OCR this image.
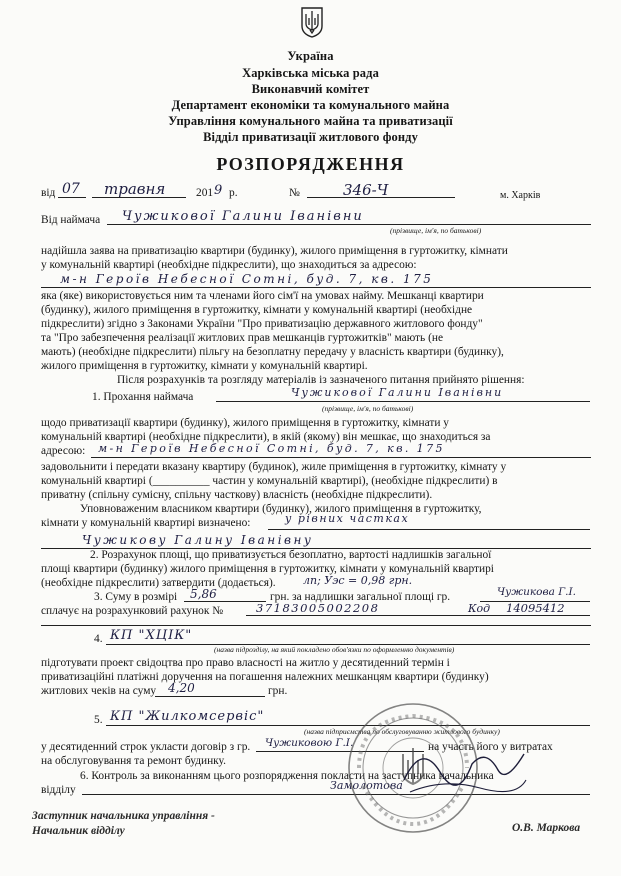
Україна
Харківська міська рада
Виконавчий комітет
Департамент економіки та комунального майна
Управління комунального майна та приватизації
Відділ приватизації житлового фонду
РОЗПОРЯДЖЕННЯ
від 07 травня	201 9 р.	№	346-Ч	м. Харків
Від наймача Чужикової Галини Іванівни
(прізвище, ім'я, по батькові)
надійшла заява на приватизацію квартири (будинку), жилого приміщення в гуртожитку, кімнати
у комунальній квартирі (необхідне підкреслити), що знаходиться за адресою:
м-н Героїв Небесної Сотні, буд. 7, кв. 175
яка (яке) використовується ним та членами його сім'ї на умовах найму. Мешканці квартири
(будинку), жилого приміщення в гуртожитку, кімнати у комунальній квартирі (необхідне
підкреслити) згідно з Законами України "Про приватизацію державного житлового фонду"
та "Про забезпечення реалізації житлових прав мешканців гуртожитків" мають (не
мають) (необхідне підкреслити) пільгу на безоплатну передачу у власність квартири (будинку),
жилого приміщення в гуртожитку, кімнати у комунальній квартирі.
Після розрахунків та розгляду матеріалів із зазначеного питання прийнято рішення:
1. Прохання наймача	Чужикової Галини Іванівни
(прізвище, ім'я, по батькові)
щодо приватизації квартири (будинку), жилого приміщення в гуртожитку, кімнати у
комунальній квартирі (необхідне підкреслити), в якій (якому) він мешкає, що знаходиться за
адресою: м-н Героїв Небесної Сотні, буд. 7, кв. 175
задовольнити і передати вказану квартиру (будинок), жиле приміщення в гуртожитку, кімнату у
комунальній квартирі (__________ частин у комунальній квартирі), (необхідне підкреслити) в
приватну (спільну сумісну, спільну часткову) власність (необхідне підкреслити).
Уповноваженим власником квартири (будинку), жилого приміщення в гуртожитку,
кімнати у комунальній квартирі визначено:	у рівних частках
Чужикову Галину Іванівну
2. Розрахунок площі, що приватизується безоплатно, вартості надлишків загальної
площі квартири (будинку) жилого приміщення в гуртожитку, кімнати у комунальній квартирі
(необхідне підкреслити) затвердити (додається). лп; Уэс = 0,98 грн.
3. Суму в розмірі 5,86	грн. за надлишки загальної площі гр.	Чужикова Г.І.
сплачує на розрахунковий рахунок №	37183005002208	Код 14095412
4. КП "ХЦІК"
(назва підрозділу, на який покладено обов'язки по оформленню документів)
підготувати проект свідоцтва про право власності на житло у десятиденний термін і
приватизаційні платіжні доручення на погашення належних мешканцям квартири (будинку)
житлових чеків на суму 4,20	грн.
5. КП "Жилкомсервіс"
(назва підприємства по обслуговуванню житлового будинку)
у десятиденний строк укласти договір з гр. Чужиковою Г.І.	на участь його у витратах
на обслуговування та ремонт будинку.
6. Контроль за виконанням цього розпорядження покласти на заступника начальника
відділу	Замолотова
Заступник начальника управління -
Начальник відділу	О.В. Маркова
